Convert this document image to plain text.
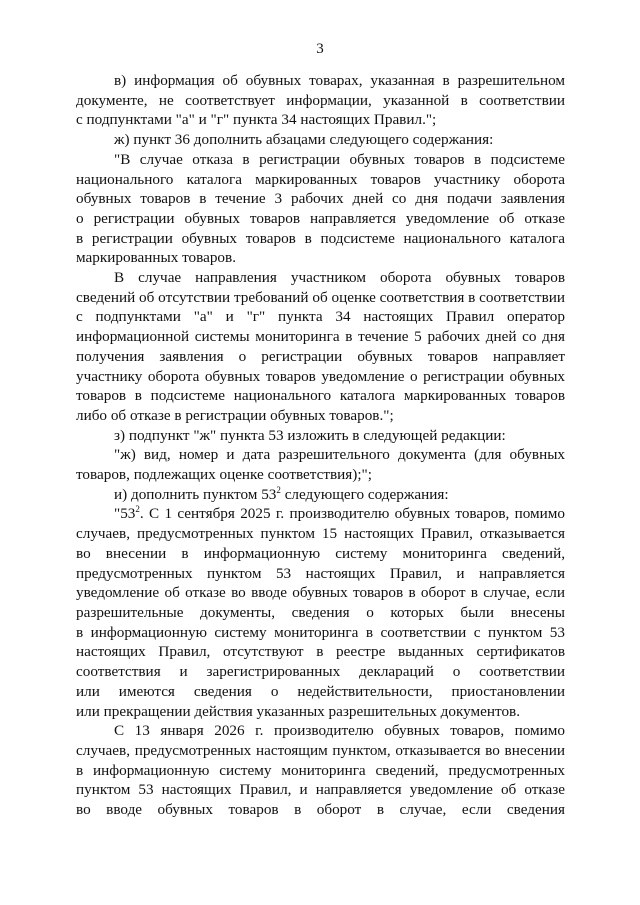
3

в) информация об обувных товарах, указанная в разрешительном

документе, не соответствует информации, указанной в соответствии

с подпунктами "а" и "г" пункта 34 настоящих Правил.";

ж) пункт 36 дополнить абзацами следующего содержания:

"В случае отказа в регистрации обувных товаров в подсистеме

национального каталога маркированных товаров участнику оборота

обувных товаров в течение 3 рабочих дней со дня подачи заявления

о регистрации обувных товаров направляется уведомление об отказе

в регистрации обувных товаров в подсистеме национального каталога

маркированных товаров.

В случае направления участником оборота обувных товаров

сведений об отсутствии требований об оценке соответствия в соответствии

с подпунктами "а" и "г" пункта 34 настоящих Правил оператор

информационной системы мониторинга в течение 5 рабочих дней со дня

получения заявления о регистрации обувных товаров направляет

участнику оборота обувных товаров уведомление о регистрации обувных

товаров в подсистеме национального каталога маркированных товаров

либо об отказе в регистрации обувных товаров.";

з) подпункт "ж" пункта 53 изложить в следующей редакции:

"ж) вид, номер и дата разрешительного документа (для обувных

товаров, подлежащих оценке соответствия);";

и) дополнить пунктом $53^2$ следующего содержания:

"$53^2$. С 1 сентября 2025 г. производителю обувных товаров, помимо

случаев, предусмотренных пунктом 15 настоящих Правил, отказывается

во внесении в информационную систему мониторинга сведений,

предусмотренных пунктом 53 настоящих Правил, и направляется

уведомление об отказе во вводе обувных товаров в оборот в случае, если

разрешительные документы, сведения о которых были внесены

в информационную систему мониторинга в соответствии с пунктом 53

настоящих Правил, отсутствуют в реестре выданных сертификатов

соответствия и зарегистрированных деклараций о соответствии

или имеются сведения о недействительности, приостановлении

или прекращении действия указанных разрешительных документов.

С 13 января 2026 г. производителю обувных товаров, помимо

случаев, предусмотренных настоящим пунктом, отказывается во внесении

в информационную систему мониторинга сведений, предусмотренных

пунктом 53 настоящих Правил, и направляется уведомление об отказе

во вводе обувных товаров в оборот в случае, если сведения
